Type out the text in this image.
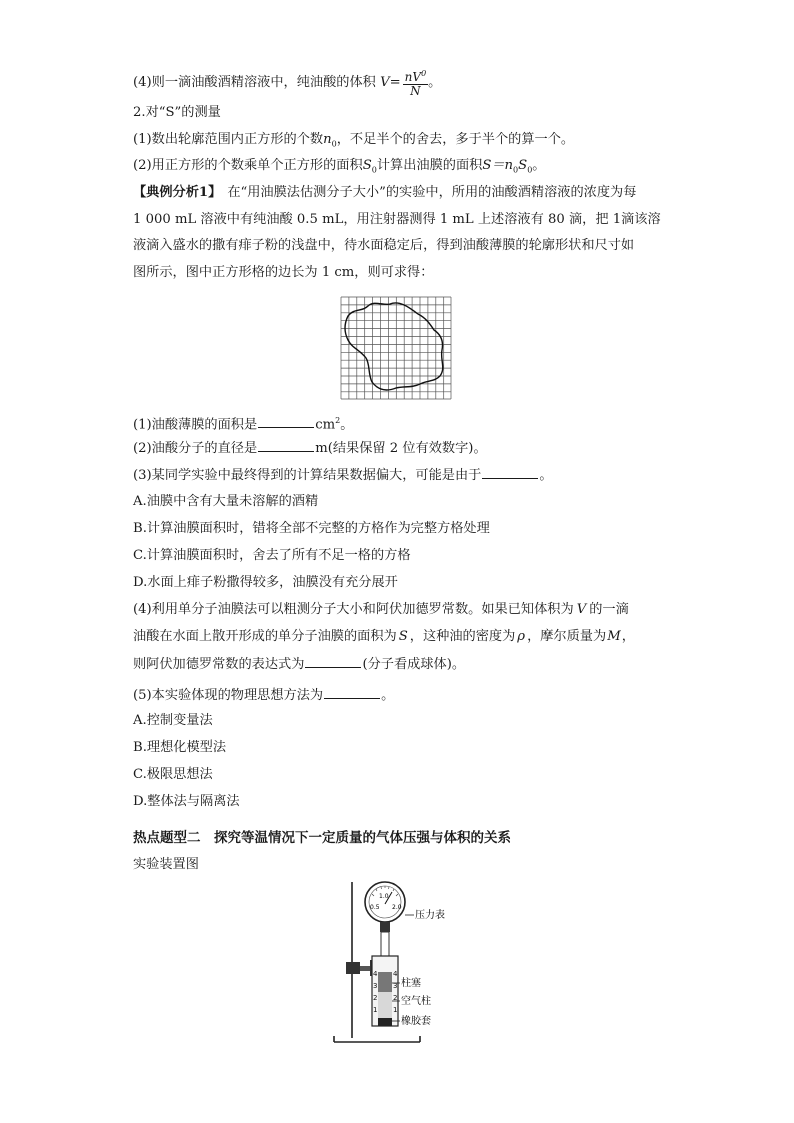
(4)则一滴油酸酒精溶液中，纯油酸的体积 $V= \frac{nV^0}{N}$ 。
2.对“S”的测量
(1)数出轮廓范围内正方形的个数$n_0$，不足半个的舍去，多于半个的算一个。
(2)用正方形的个数乘单个正方形的面积$S_0$计算出油膜的面积$S=n_0S_0$。
【典例分析1】 在“用油膜法估测分子大小”的实验中，所用的油酸酒精溶液的浓度为每
1 000 mL 溶液中有纯油酸 0.5 mL，用注射器测得 1 mL 上述溶液有 80 滴，把 1滴该溶
液滴入盛水的撒有痱子粉的浅盘中，待水面稳定后，得到油酸薄膜的轮廓形状和尺寸如
图所示，图中正方形格的边长为 1 cm，则可求得：
(1)油酸薄膜的面积是	$cm^2$。
(2)油酸分子的直径是	m(结果保留 2 位有效数字)。
(3)某同学实验中最终得到的计算结果数据偏大，可能是由于	。
A.油膜中含有大量未溶解的酒精
B.计算油膜面积时，错将全部不完整的方格作为完整方格处理
C.计算油膜面积时，舍去了所有不足一格的方格
D.水面上痱子粉撒得较多，油膜没有充分展开
(4)利用单分子油膜法可以粗测分子大小和阿伏加德罗常数。如果已知体积为 V 的一滴
油酸在水面上散开形成的单分子油膜的面积为 S ，这种油的密度为 ρ ，摩尔质量为M，
则阿伏加德罗常数的表达式为	(分子看成球体)。
(5)本实验体现的物理思想方法为	。
A.控制变量法
B.理想化模型法
C.极限思想法
D.整体法与隔离法
热点题型二　探究等温情况下一定质量的气体压强与体积的关系
实验装置图
0.5
1.0
2.0
4
3
2
1
4
3
2
1
压力表
柱塞
空气柱
橡胶套
